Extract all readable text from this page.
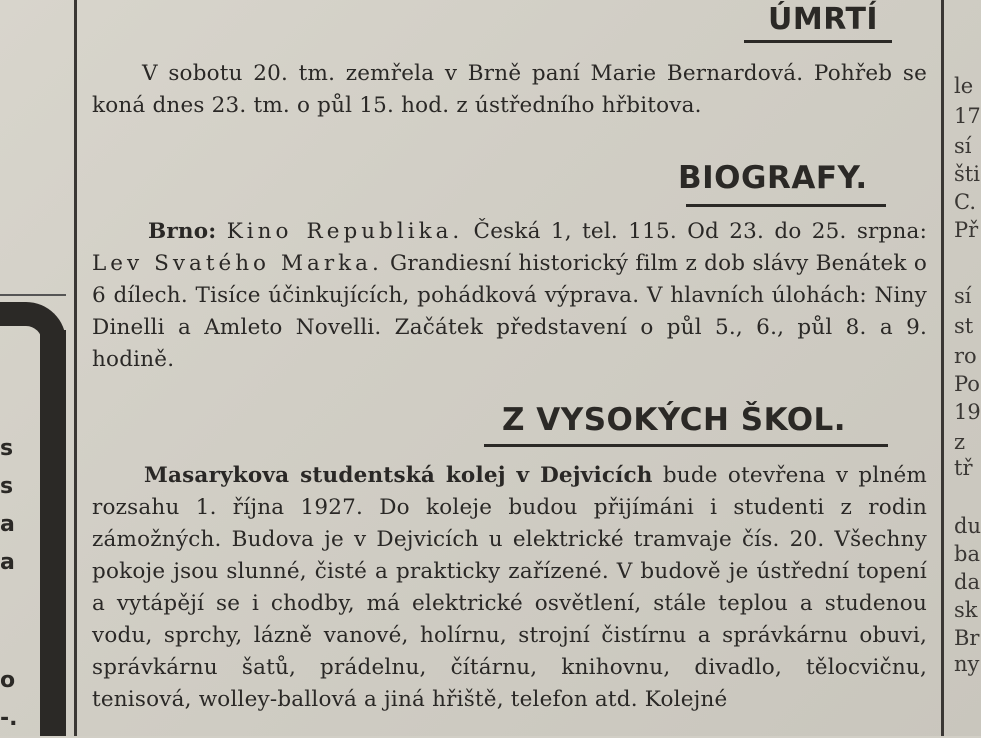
s
s
a
a
o
-.
le
17
sí
šti
C.
Př
sí
st
ro
Po
19
z
tř
du
ba
da
sk
Br
ny
ÚMRTÍ

V sobotu 20. tm. zemřela v Brně paní Marie Bernardová. Pohřeb se koná dnes 23. tm. o půl 15. hod. z ústředního hřbitova.

BIOGRAFY.

Brno: Kino Republika. Česká 1, tel. 115. Od 23. do 25. srpna: Lev Svatého Marka. Grandiesní historický film z dob slávy Benátek o 6 dílech. Tisíce účinkujících, pohádková výprava. V hlavních úlohách: Niny Dinelli a Amleto Novelli. Začátek představení o půl 5., 6., půl 8. a 9. hodině.

Z VYSOKÝCH ŠKOL.

Masarykova studentská kolej v Dejvicích bude otevřena v plném rozsahu 1. října 1927. Do koleje budou přijímáni i studenti z rodin zámožných. Budova je v Dejvicích u elektrické tramvaje čís. 20. Všechny pokoje jsou slunné, čisté a prakticky zařízené. V budově je ústřední topení a vytápějí se i chodby, má elektrické osvětlení, stále teplou a studenou vodu, sprchy, lázně vanové, holírnu, strojní čistírnu a správkárnu obuvi, správkárnu šatů, prádelnu, čítárnu, knihovnu, divadlo, tělocvičnu, tenisová, wolley-ballová a jiná hřiště, telefon atd. Kolejné
